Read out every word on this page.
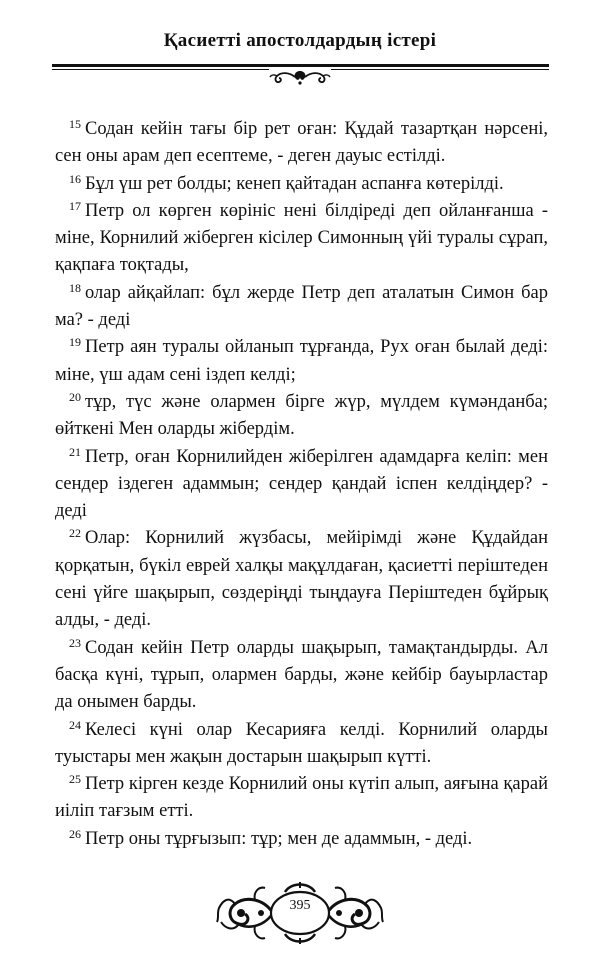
Қасиетті апостолдардың істері

$^{15}$ Содан кейін тағы бір рет оған: Құдай тазартқан нәрсені, сен оны арам деп есептеме, - деген дауыс естілді.

$^{16}$ Бұл үш рет болды; кенеп қайтадан аспанға көтерілді.

$^{17}$ Петр ол көрген көрініс нені білдіреді деп ойланғанша - міне, Корнилий жіберген кісілер Симонның үйі туралы сұрап, қақпаға тоқтады,

$^{18}$ олар айқайлап: бұл жерде Петр деп аталатын Симон бар ма? - деді

$^{19}$ Петр аян туралы ойланып тұрғанда, Рух оған былай деді: міне, үш адам сені іздеп келді;

$^{20}$ тұр, түс және олармен бірге жүр, мүлдем күмәнданба; өйткені Мен оларды жібердім.

$^{21}$ Петр, оған Корнилийден жіберілген адамдарға келіп: мен сендер іздеген адаммын; сендер қандай іспен келдіңдер? - деді

$^{22}$ Олар: Корнилий жүзбасы, мейірімді және Құдайдан қорқатын, бүкіл еврей халқы мақұлдаған, қасиетті періштеден сені үйге шақырып, сөздеріңді тыңдауға Періштеден бұйрық алды, - деді.

$^{23}$ Содан кейін Петр оларды шақырып, тамақтандырды. Ал басқа күні, тұрып, олармен барды, және кейбір бауырластар да онымен барды.

$^{24}$ Келесі күні олар Кесарияға келді. Корнилий оларды туыстары мен жақын достарын шақырып күтті.

$^{25}$ Петр кірген кезде Корнилий оны күтіп алып, аяғына қарай иіліп тағзым етті.

$^{26}$ Петр оны тұрғызып: тұр; мен де адаммын, - деді.

395
